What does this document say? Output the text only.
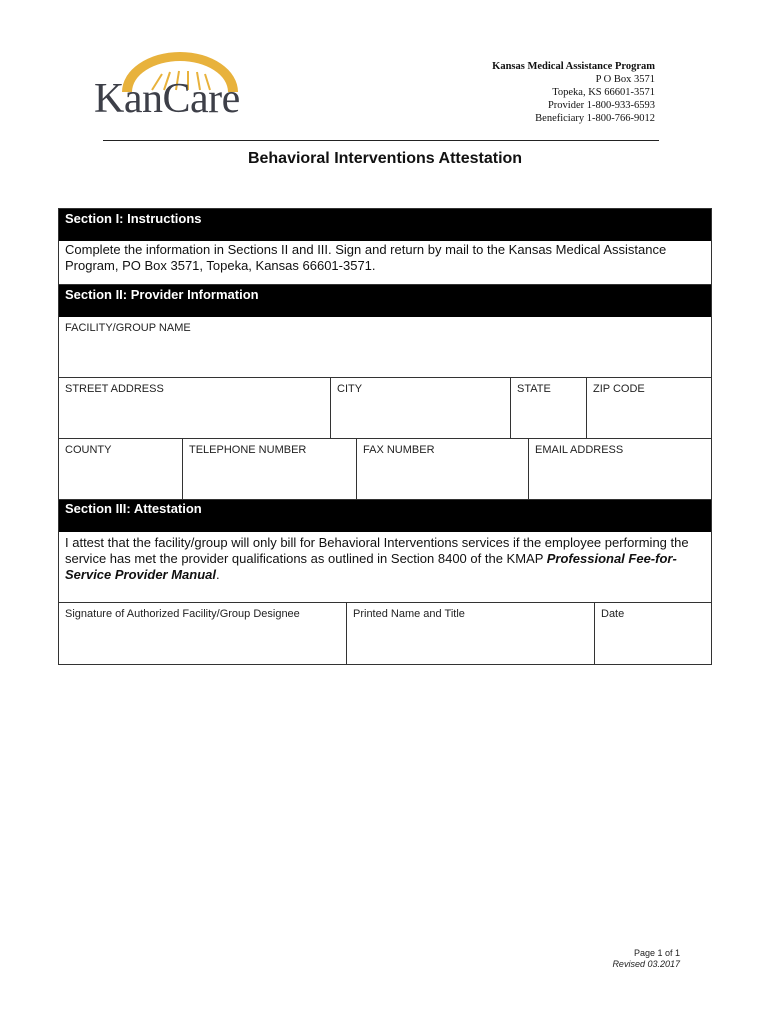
KanCare
Kansas Medical Assistance Program
P O Box 3571
Topeka, KS 66601-3571
Provider 1-800-933-6593
Beneficiary 1-800-766-9012
Behavioral Interventions Attestation
Section I: Instructions
Complete the information in Sections II and III. Sign and return by mail to the Kansas Medical Assistance Program, PO Box 3571, Topeka, Kansas 66601-3571.
Section II: Provider Information
FACILITY/GROUP NAME
STREET ADDRESS	CITY	STATE	ZIP CODE
COUNTY	TELEPHONE NUMBER	FAX NUMBER	EMAIL ADDRESS
Section III: Attestation
I attest that the facility/group will only bill for Behavioral Interventions services if the employee performing the service has met the provider qualifications as outlined in Section 8400 of the KMAP Professional Fee-for-Service Provider Manual.
Signature of Authorized Facility/Group Designee	Printed Name and Title	Date
Page 1 of 1
Revised 03.2017
